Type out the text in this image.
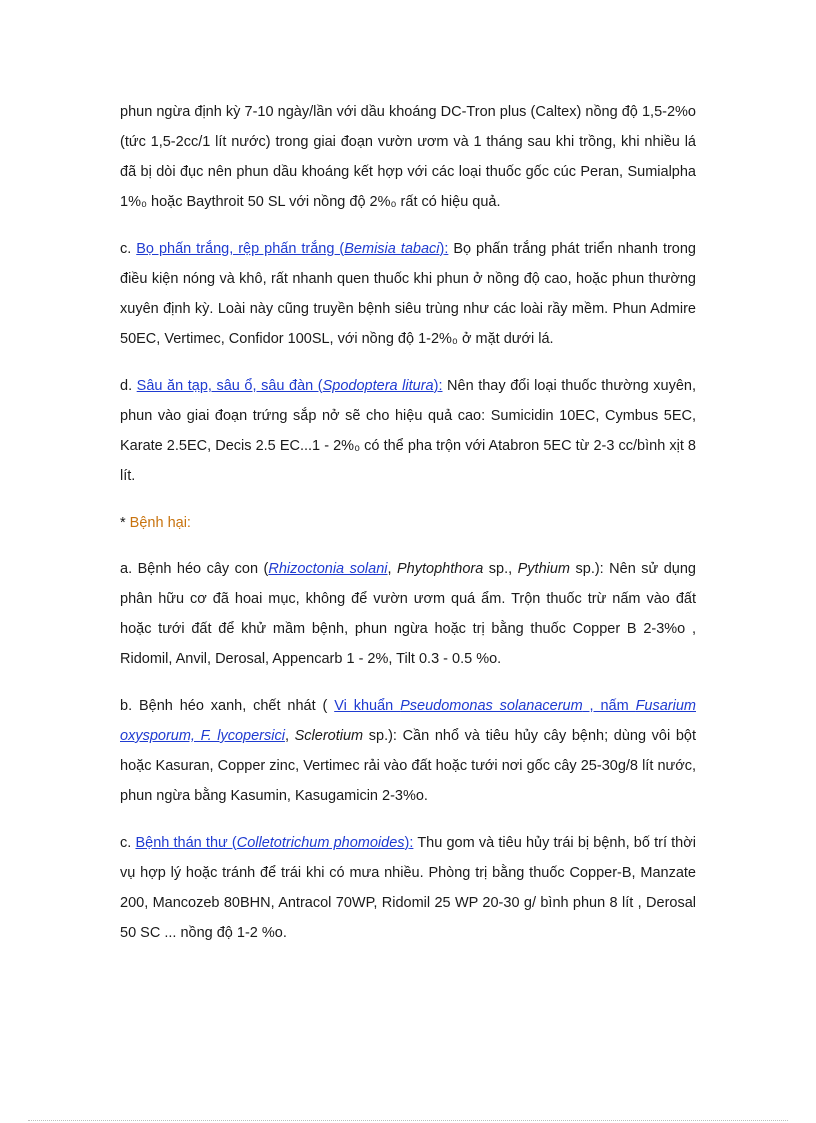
phun ngừa định kỳ 7-10 ngày/lần với dầu khoáng DC-Tron plus (Caltex) nồng độ 1,5-2%o (tức 1,5-2cc/1 lít nước) trong giai đoạn vườn ươm và 1 tháng sau khi trồng, khi nhiều lá đã bị dòi đục nên phun dầu khoáng kết hợp với các loại thuốc gốc cúc Peran, Sumialpha 1%₀ hoặc Baythroit 50 SL với nồng độ 2%₀ rất có hiệu quả.

c. Bọ phấn trắng, rệp phấn trắng (Bemisia tabaci): Bọ phấn trắng phát triển nhanh trong điều kiện nóng và khô, rất nhanh quen thuốc khi phun ở nồng độ cao, hoặc phun thường xuyên định kỳ. Loài này cũng truyền bệnh siêu trùng như các loài rầy mềm. Phun Admire 50EC, Vertimec, Confidor 100SL, với nồng độ 1-2%₀ ở mặt dưới lá.

d. Sâu ăn tạp, sâu ổ, sâu đàn (Spodoptera litura): Nên thay đổi loại thuốc thường xuyên, phun vào giai đoạn trứng sắp nở sẽ cho hiệu quả cao: Sumicidin 10EC, Cymbus 5EC, Karate 2.5EC, Decis 2.5 EC...1 - 2%₀ có thể pha trộn với Atabron 5EC từ 2-3 cc/bình xịt 8 lít.

* Bệnh hại:

a. Bệnh héo cây con (Rhizoctonia solani, Phytophthora sp., Pythium sp.): Nên sử dụng phân hữu cơ đã hoai mục, không để vườn ươm quá ẩm. Trộn thuốc trừ nấm vào đất hoặc tưới đất để khử mầm bệnh, phun ngừa hoặc trị bằng thuốc Copper B 2-3%o , Ridomil, Anvil, Derosal, Appencarb 1 - 2%, Tilt 0.3 - 0.5 %o.

b. Bệnh héo xanh, chết nhát ( Vi khuẩn Pseudomonas solanacerum , nấm Fusarium oxysporum, F. lycopersici, Sclerotium sp.): Cần nhổ và tiêu hủy cây bệnh; dùng vôi bột hoặc Kasuran, Copper zinc, Vertimec rải vào đất hoặc tưới nơi gốc cây 25-30g/8 lít nước, phun ngừa bằng Kasumin, Kasugamicin 2-3%o.

c. Bệnh thán thư (Colletotrichum phomoides): Thu gom và tiêu hủy trái bị bệnh, bố trí thời vụ hợp lý hoặc tránh để trái khi có mưa nhiều. Phòng trị bằng thuốc Copper-B, Manzate 200, Mancozeb 80BHN, Antracol 70WP, Ridomil 25 WP 20-30 g/ bình phun 8 lít , Derosal 50 SC ... nồng độ 1-2 %o.
